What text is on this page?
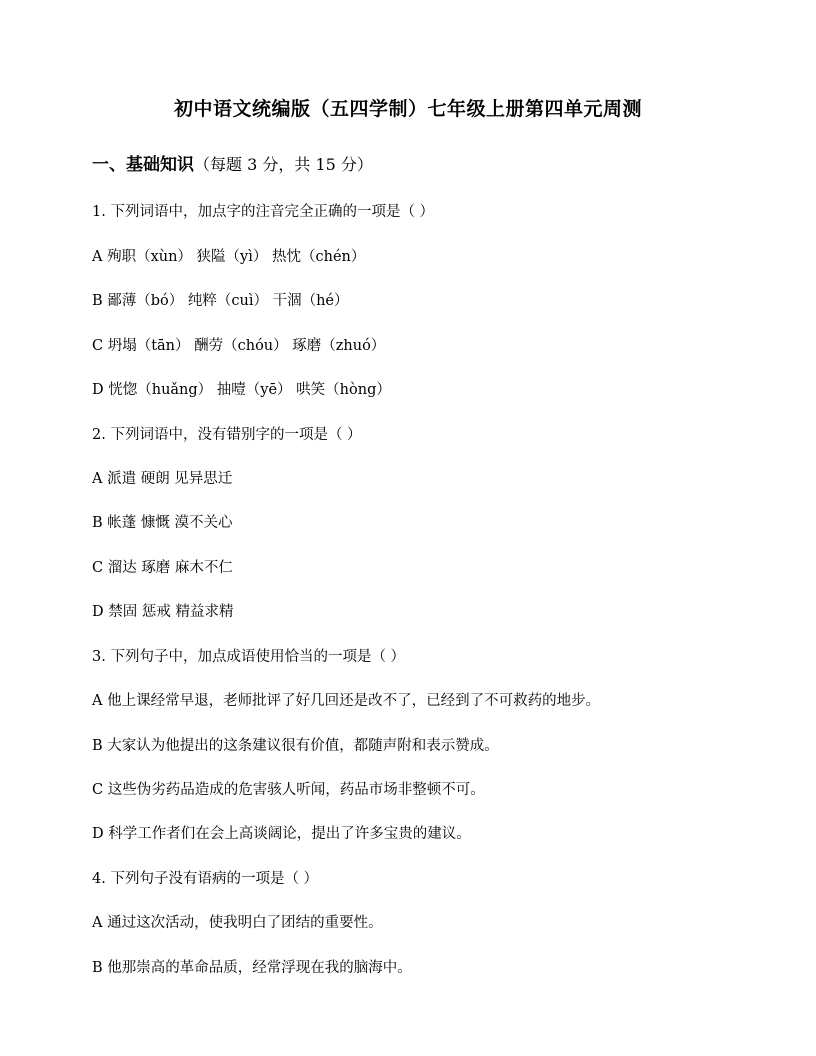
初中语文统编版（五四学制）七年级上册第四单元周测
一、基础知识（每题 3 分，共 15 分）
1. 下列词语中，加点字的注音完全正确的一项是（ ）
A 殉职（xùn） 狭隘（yì） 热忱（chén）
B 鄙薄（bó） 纯粹（cuì） 干涸（hé）
C 坍塌（tān） 酬劳（chóu） 琢磨（zhuó）
D 恍惚（huǎng） 抽噎（yē） 哄笑（hòng）
2. 下列词语中，没有错别字的一项是（ ）
A 派遣 硬朗 见异思迁
B 帐蓬 慷慨 漠不关心
C 溜达 琢磨 麻木不仁
D 禁固 惩戒 精益求精
3. 下列句子中，加点成语使用恰当的一项是（ ）
A 他上课经常早退，老师批评了好几回还是改不了，已经到了不可救药的地步。
B 大家认为他提出的这条建议很有价值，都随声附和表示赞成。
C 这些伪劣药品造成的危害骇人听闻，药品市场非整顿不可。
D 科学工作者们在会上高谈阔论，提出了许多宝贵的建议。
4. 下列句子没有语病的一项是（ ）
A 通过这次活动，使我明白了团结的重要性。
B 他那崇高的革命品质，经常浮现在我的脑海中。
